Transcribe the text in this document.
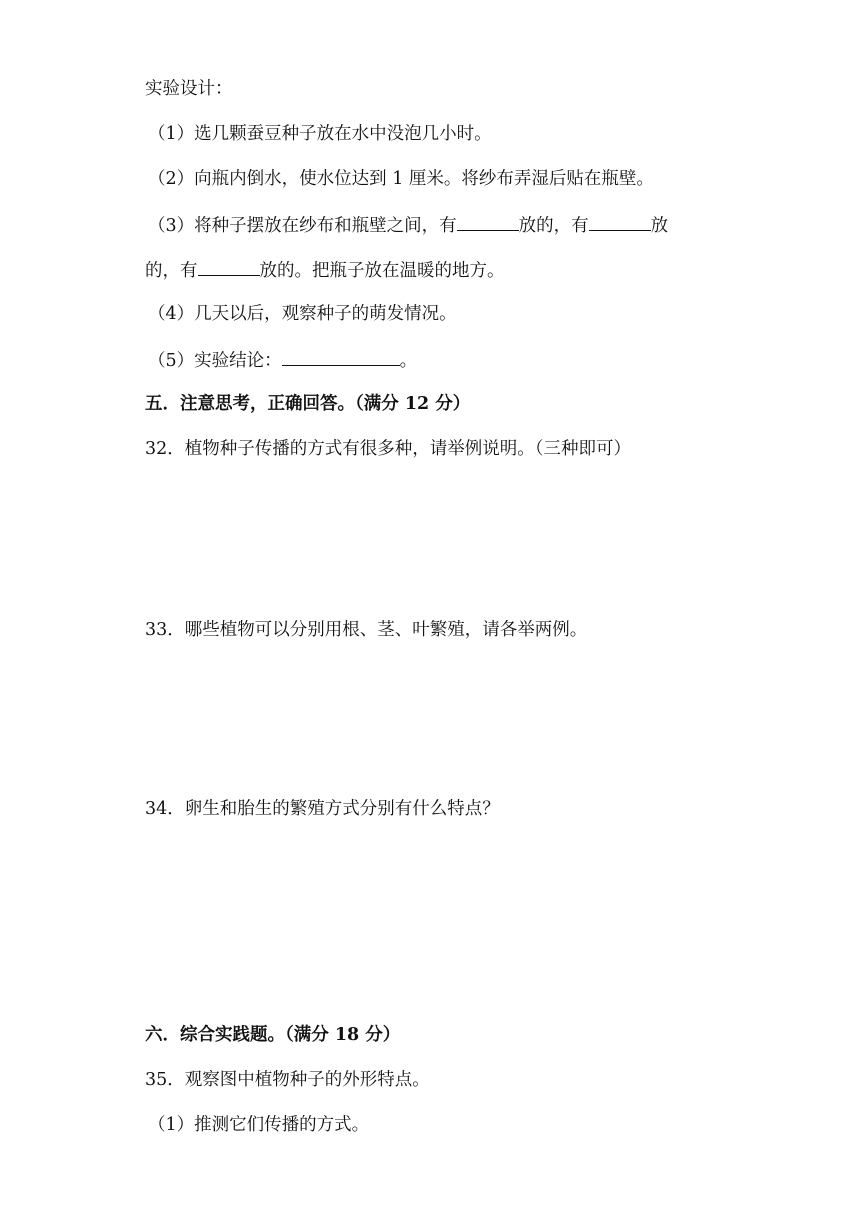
实验设计：
（1）选几颗蚕豆种子放在水中没泡几小时。
（2）向瓶内倒水，使水位达到 1 厘米。将纱布弄湿后贴在瓶壁。
（3）将种子摆放在纱布和瓶壁之间，有	放的，有	放
的，有	放的。把瓶子放在温暖的地方。
（4）几天以后，观察种子的萌发情况。
（5）实验结论：	。
五．注意思考，正确回答。（满分 12 分）
32．植物种子传播的方式有很多种，请举例说明。（三种即可）
33．哪些植物可以分别用根、茎、叶繁殖，请各举两例。
34．卵生和胎生的繁殖方式分别有什么特点？
六．综合实践题。（满分 18 分）
35．观察图中植物种子的外形特点。
（1）推测它们传播的方式。
